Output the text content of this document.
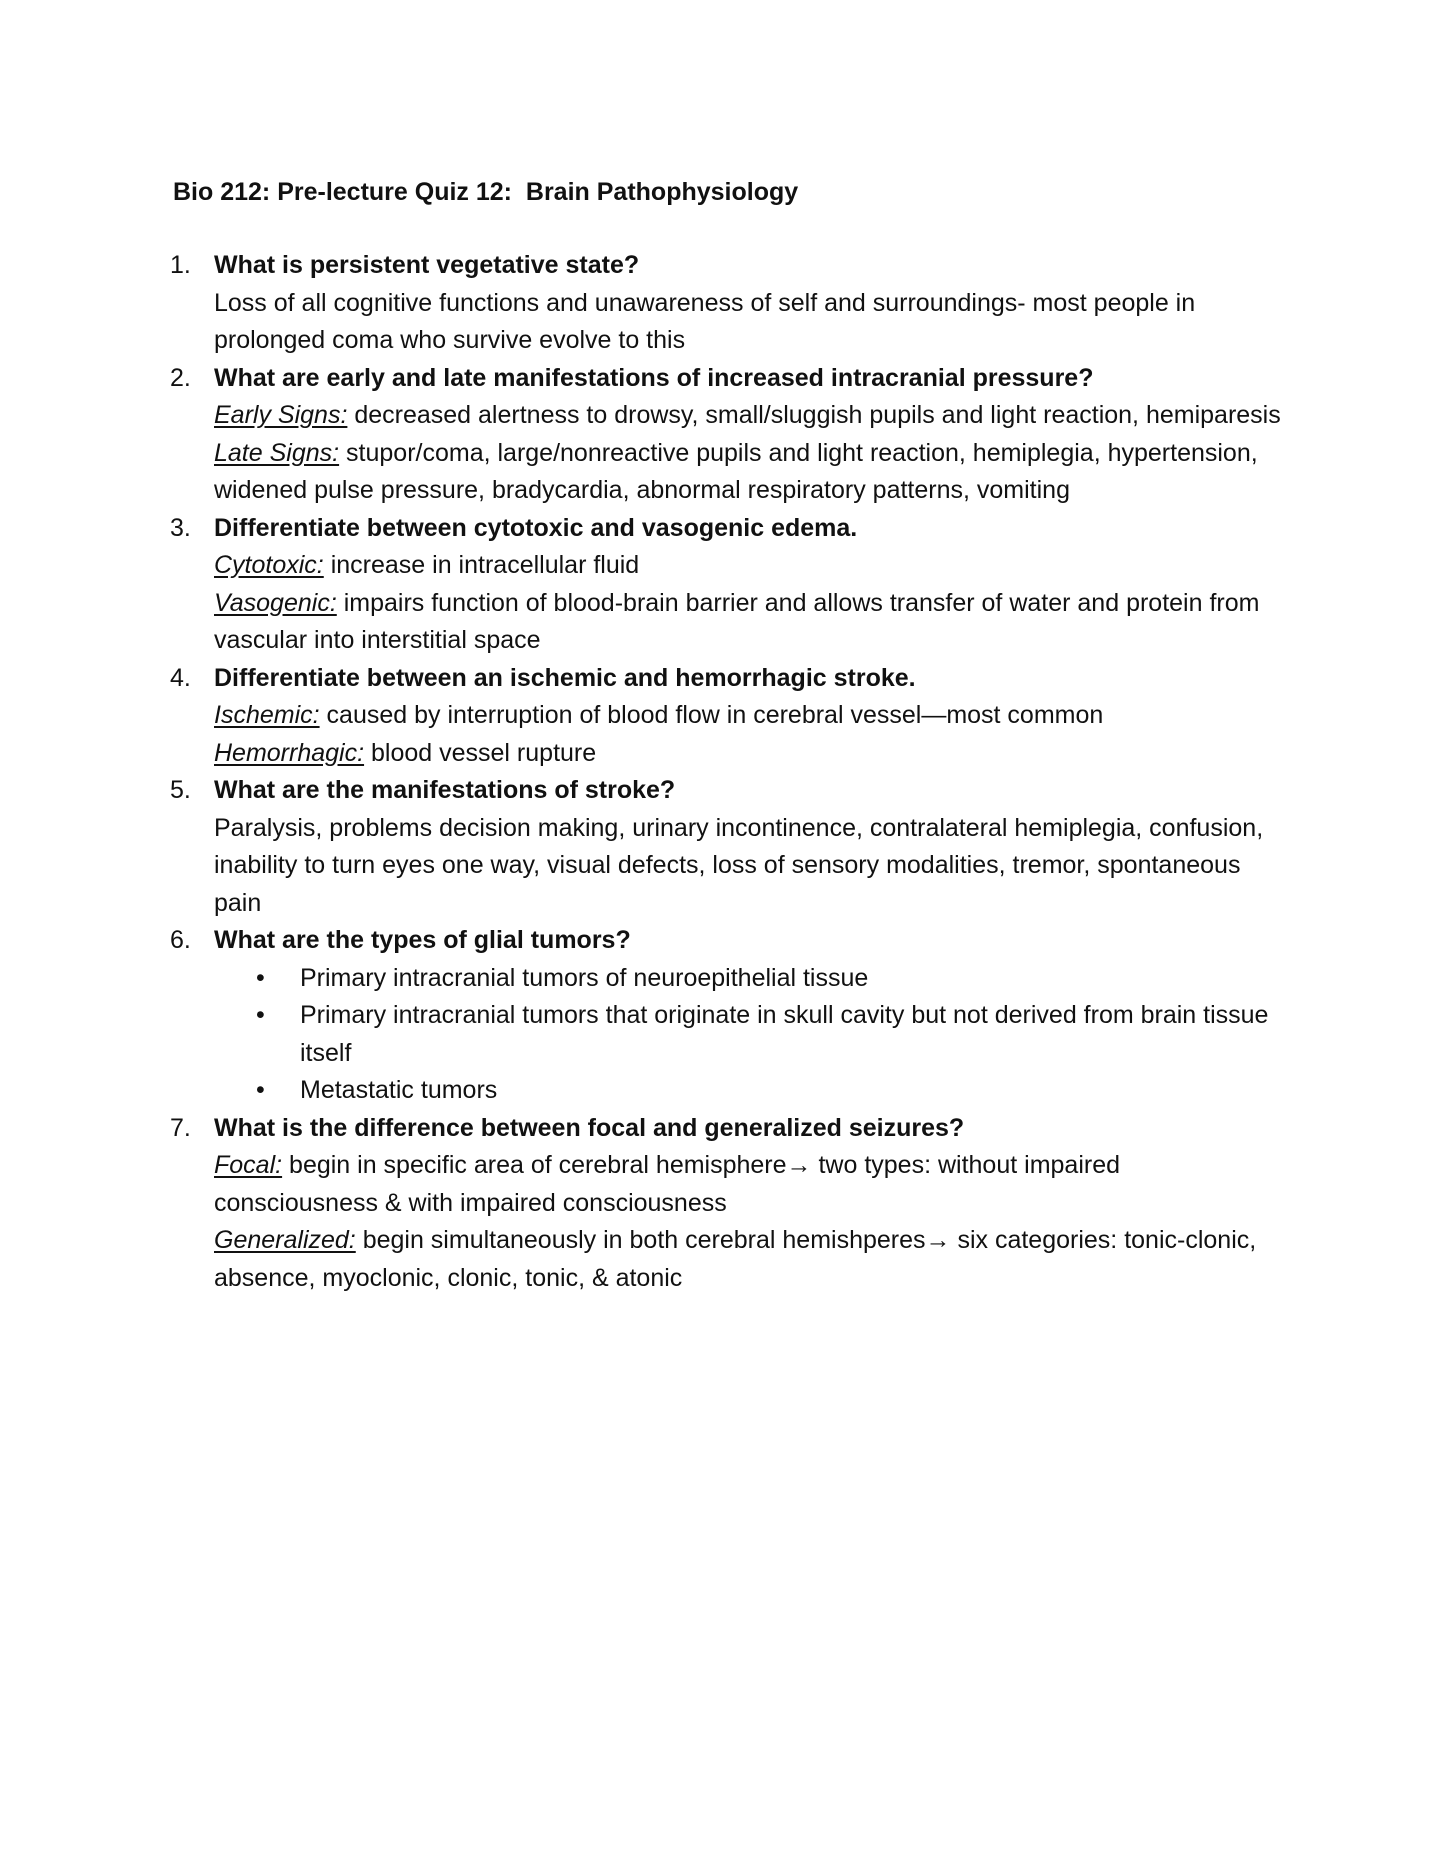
Bio 212: Pre-lecture Quiz 12:  Brain Pathophysiology
1. What is persistent vegetative state?
Loss of all cognitive functions and unawareness of self and surroundings- most people in prolonged coma who survive evolve to this
2. What are early and late manifestations of increased intracranial pressure?
Early Signs: decreased alertness to drowsy, small/sluggish pupils and light reaction, hemiparesis
Late Signs: stupor/coma, large/nonreactive pupils and light reaction, hemiplegia, hypertension, widened pulse pressure, bradycardia, abnormal respiratory patterns, vomiting
3. Differentiate between cytotoxic and vasogenic edema.
Cytotoxic: increase in intracellular fluid
Vasogenic: impairs function of blood-brain barrier and allows transfer of water and protein from vascular into interstitial space
4. Differentiate between an ischemic and hemorrhagic stroke.
Ischemic: caused by interruption of blood flow in cerebral vessel—most common
Hemorrhagic: blood vessel rupture
5. What are the manifestations of stroke?
Paralysis, problems decision making, urinary incontinence, contralateral hemiplegia, confusion, inability to turn eyes one way, visual defects, loss of sensory modalities, tremor, spontaneous pain
6. What are the types of glial tumors?
• Primary intracranial tumors of neuroepithelial tissue
• Primary intracranial tumors that originate in skull cavity but not derived from brain tissue itself
• Metastatic tumors
7. What is the difference between focal and generalized seizures?
Focal: begin in specific area of cerebral hemisphere→ two types: without impaired consciousness & with impaired consciousness
Generalized: begin simultaneously in both cerebral hemishperes→ six categories: tonic-clonic, absence, myoclonic, clonic, tonic, & atonic
